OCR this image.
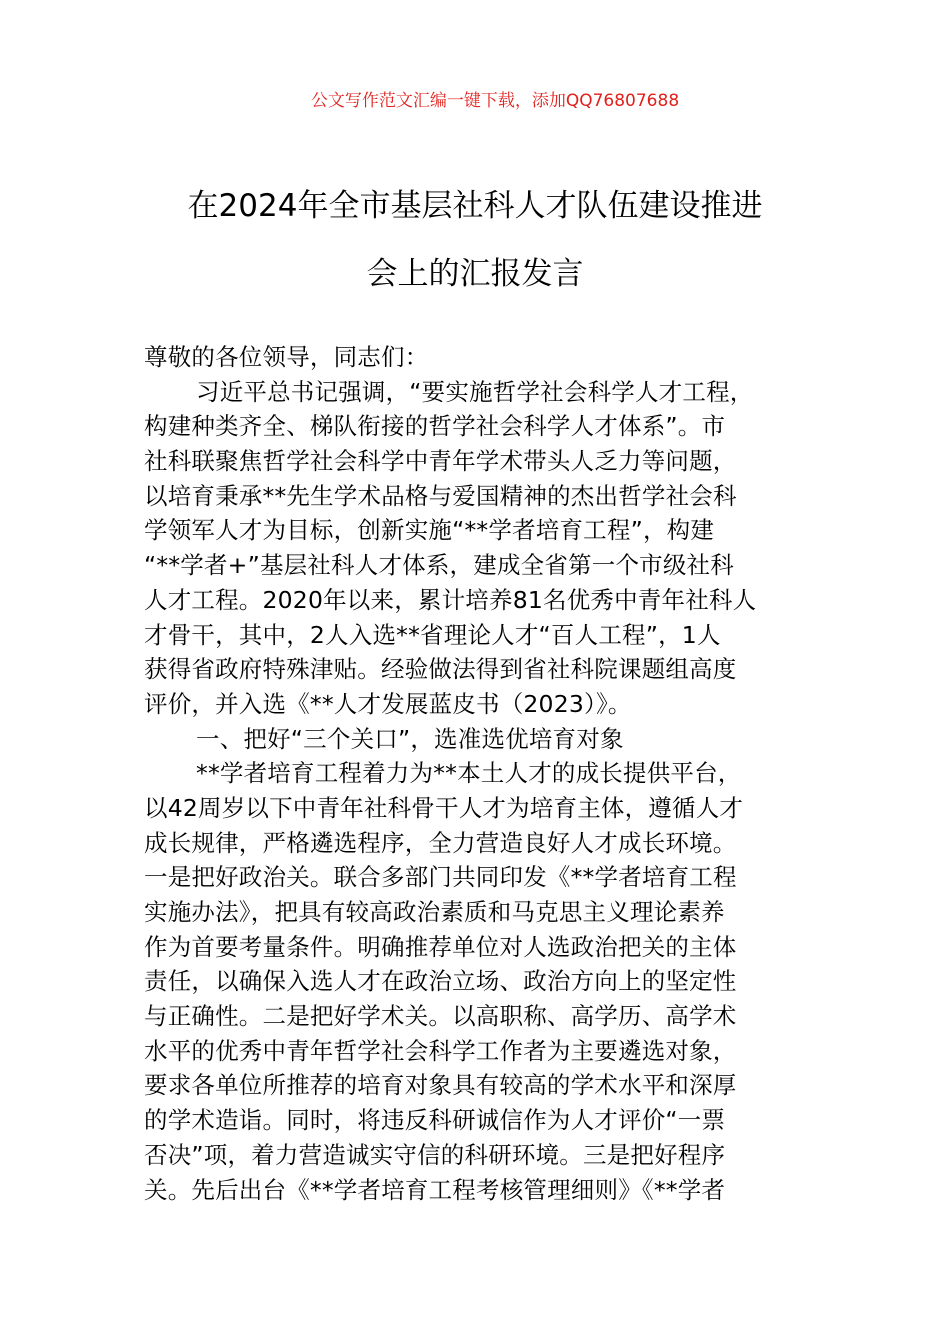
公文写作范文汇编一键下载，添加QQ76807688
在2024年全市基层社科人才队伍建设推进
会上的汇报发言
尊敬的各位领导，同志们：
习近平总书记强调，“要实施哲学社会科学人才工程，
构建种类齐全、梯队衔接的哲学社会科学人才体系”。市
社科联聚焦哲学社会科学中青年学术带头人乏力等问题，
以培育秉承**先生学术品格与爱国精神的杰出哲学社会科
学领军人才为目标，创新实施“**学者培育工程”，构建
“**学者+”基层社科人才体系，建成全省第一个市级社科
人才工程。2020年以来，累计培养81名优秀中青年社科人
才骨干，其中，2人入选**省理论人才“百人工程”，1人
获得省政府特殊津贴。经验做法得到省社科院课题组高度
评价，并入选《**人才发展蓝皮书（2023）》。
一、把好“三个关口”，选准选优培育对象
**学者培育工程着力为**本土人才的成长提供平台，
以42周岁以下中青年社科骨干人才为培育主体，遵循人才
成长规律，严格遴选程序，全力营造良好人才成长环境。
一是把好政治关。联合多部门共同印发《**学者培育工程
实施办法》，把具有较高政治素质和马克思主义理论素养
作为首要考量条件。明确推荐单位对人选政治把关的主体
责任，以确保入选人才在政治立场、政治方向上的坚定性
与正确性。二是把好学术关。以高职称、高学历、高学术
水平的优秀中青年哲学社会科学工作者为主要遴选对象，
要求各单位所推荐的培育对象具有较高的学术水平和深厚
的学术造诣。同时，将违反科研诚信作为人才评价“一票
否决”项，着力营造诚实守信的科研环境。三是把好程序
关。先后出台《**学者培育工程考核管理细则》《**学者
